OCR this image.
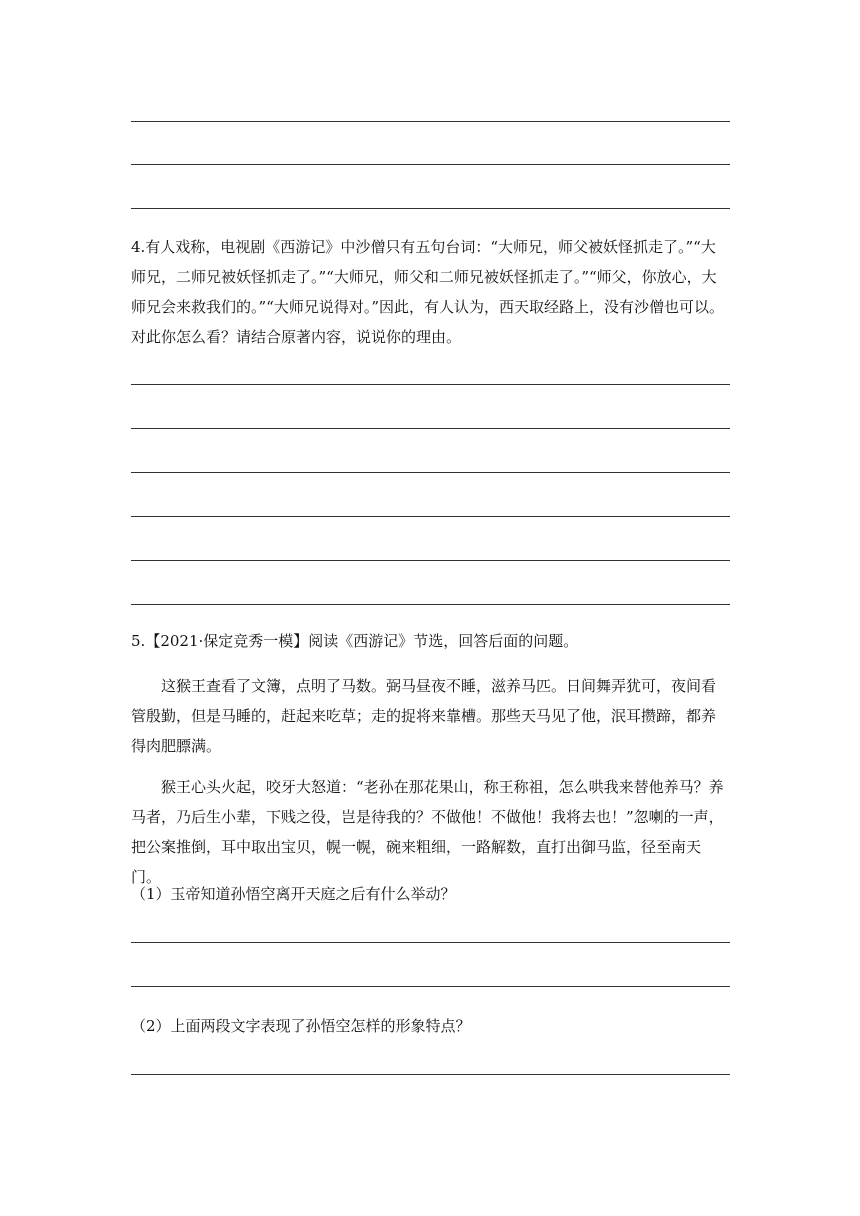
4.有人戏称，电视剧《西游记》中沙僧只有五句台词：“大师兄，师父被妖怪抓走了。”“大师兄，二师兄被妖怪抓走了。”“大师兄，师父和二师兄被妖怪抓走了。”“师父，你放心，大师兄会来救我们的。”“大师兄说得对。”因此，有人认为，西天取经路上，没有沙僧也可以。对此你怎么看？请结合原著内容，说说你的理由。
5.【2021·保定竞秀一模】阅读《西游记》节选，回答后面的问题。
这猴王查看了文簿，点明了马数。弼马昼夜不睡，滋养马匹。日间舞弄犹可，夜间看管殷勤，但是马睡的，赶起来吃草；走的捉将来靠槽。那些天马见了他，泯耳攒蹄，都养得肉肥膘满。
猴王心头火起，咬牙大怒道：“老孙在那花果山，称王称祖，怎么哄我来替他养马？养马者，乃后生小辈，下贱之役，岂是待我的？不做他！不做他！我将去也！”忽喇的一声，把公案推倒，耳中取出宝贝，幌一幌，碗来粗细，一路解数，直打出御马监，径至南天门。
（1）玉帝知道孙悟空离开天庭之后有什么举动？
（2）上面两段文字表现了孙悟空怎样的形象特点？
